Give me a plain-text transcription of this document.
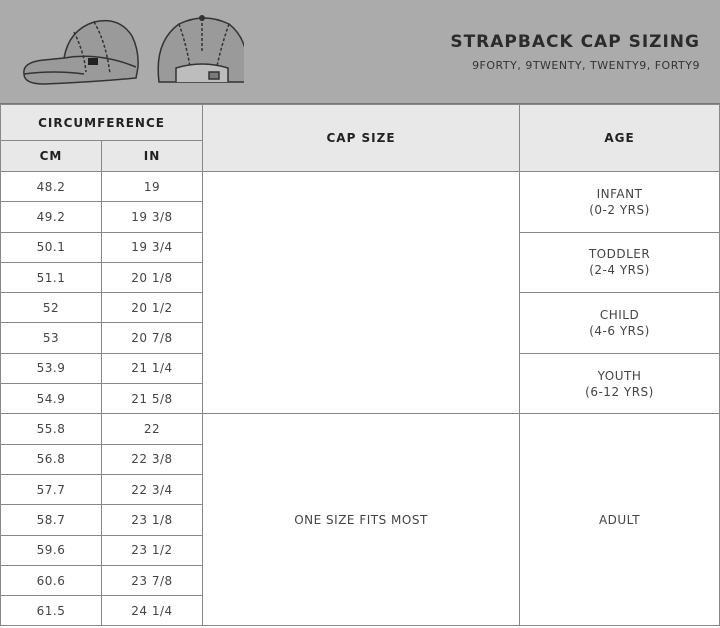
STRAPBACK CAP SIZING
9FORTY, 9TWENTY, TWENTY9, FORTY9
CIRCUMFERENCE		CAP SIZE	AGE
CM	IN		
48.2	19		INFANT
(0-2 YRS)

49.2	19 3/8		
50.1	19 3/4		TODDLER
(2-4 YRS)

51.1	20 1/8		
52	20 1/2		CHILD
(4-6 YRS)

53	20 7/8		
53.9	21 1/4		YOUTH
(6-12 YRS)

54.9	21 5/8		
55.8	22	ONE SIZE FITS MOST	ADULT

56.8	22 3/8		
57.7	22 3/4		
58.7	23 1/8		
59.6	23 1/2		
60.6	23 7/8		
61.5	24 1/4		
